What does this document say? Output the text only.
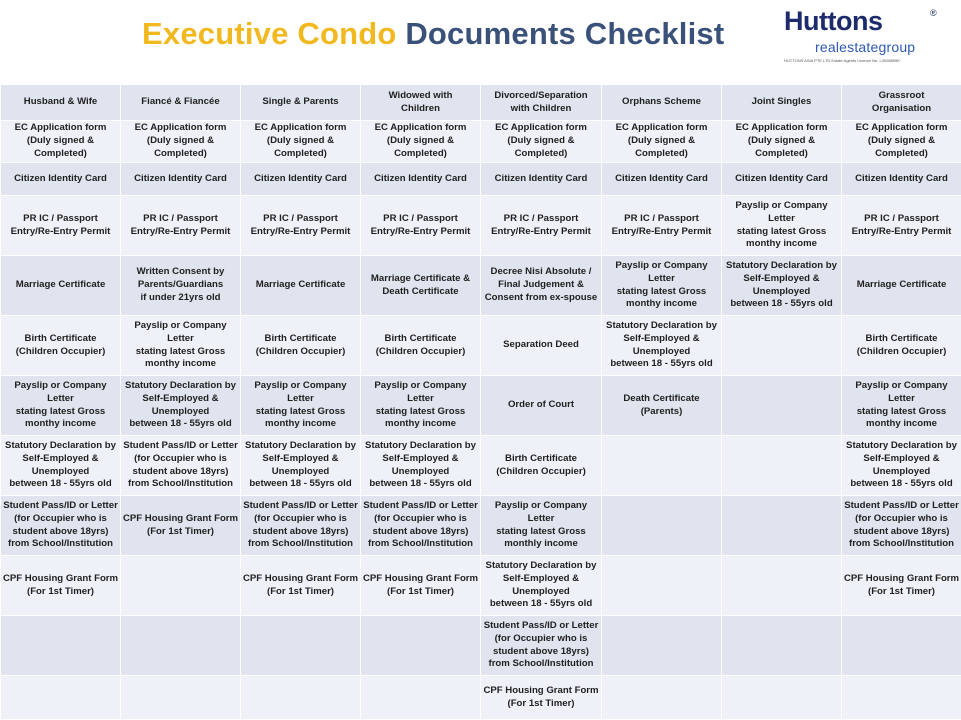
Executive Condo Documents Checklist Huttons	®
realestategroup
HUTTONS ASIA PTE LTD Estate Agents Licence No: L3008899K
Husband & Wife	Fiancé & Fiancée	Single & Parents	Widowed with
Children	Divorced/Separation
with Children	Orphans Scheme	Joint Singles	Grassroot
Organisation

EC Application form
(Duly signed & Completed)	EC Application form
(Duly signed & Completed)	EC Application form
(Duly signed & Completed)	EC Application form
(Duly signed & Completed)	EC Application form
(Duly signed & Completed)	EC Application form
(Duly signed & Completed)	EC Application form
(Duly signed & Completed)	EC Application form
(Duly signed & Completed)

Citizen Identity Card	Citizen Identity Card	Citizen Identity Card	Citizen Identity Card	Citizen Identity Card	Citizen Identity Card	Citizen Identity Card	Citizen Identity Card

PR IC / Passport
Entry/Re-Entry Permit	PR IC / Passport
Entry/Re-Entry Permit	PR IC / Passport
Entry/Re-Entry Permit	PR IC / Passport
Entry/Re-Entry Permit	PR IC / Passport
Entry/Re-Entry Permit	PR IC / Passport
Entry/Re-Entry Permit	Payslip or Company Letter
stating latest Gross
monthy income	PR IC / Passport
Entry/Re-Entry Permit

Marriage Certificate	Written Consent by
Parents/Guardians
if under 21yrs old	Marriage Certificate	Marriage Certificate &
Death Certificate	Decree Nisi Absolute /
Final Judgement &
Consent from ex-spouse	Payslip or Company Letter
stating latest Gross
monthy income	Statutory Declaration by
Self-Employed &
Unemployed
between 18 - 55yrs old	Marriage Certificate

Birth Certificate
(Children Occupier)	Payslip or Company Letter
stating latest Gross
monthy income	Birth Certificate
(Children Occupier)	Birth Certificate
(Children Occupier)	Separation Deed	Statutory Declaration by
Self-Employed &
Unemployed
between 18 - 55yrs old		Birth Certificate
(Children Occupier)

Payslip or Company Letter
stating latest Gross
monthy income	Statutory Declaration by
Self-Employed &
Unemployed
between 18 - 55yrs old	Payslip or Company Letter
stating latest Gross
monthy income	Payslip or Company Letter
stating latest Gross
monthy income	Order of Court	Death Certificate
(Parents)		Payslip or Company Letter
stating latest Gross
monthy income

Statutory Declaration by
Self-Employed &
Unemployed
between 18 - 55yrs old	Student Pass/ID or Letter
(for Occupier who is
student above 18yrs)
from School/Institution	Statutory Declaration by
Self-Employed &
Unemployed
between 18 - 55yrs old	Statutory Declaration by
Self-Employed &
Unemployed
between 18 - 55yrs old	Birth Certificate
(Children Occupier)			Statutory Declaration by
Self-Employed &
Unemployed
between 18 - 55yrs old

Student Pass/ID or Letter
(for Occupier who is
student above 18yrs)
from School/Institution	CPF Housing Grant Form
(For 1st Timer)	Student Pass/ID or Letter
(for Occupier who is
student above 18yrs)
from School/Institution	Student Pass/ID or Letter
(for Occupier who is
student above 18yrs)
from School/Institution	Payslip or Company Letter
stating latest Gross
monthly income			Student Pass/ID or Letter
(for Occupier who is
student above 18yrs)
from School/Institution

CPF Housing Grant Form
(For 1st Timer)		CPF Housing Grant Form
(For 1st Timer)	CPF Housing Grant Form
(For 1st Timer)	Statutory Declaration by
Self-Employed &
Unemployed
between 18 - 55yrs old			CPF Housing Grant Form
(For 1st Timer)

				Student Pass/ID or Letter
(for Occupier who is
student above 18yrs)
from School/Institution			

				CPF Housing Grant Form
(For 1st Timer)			
